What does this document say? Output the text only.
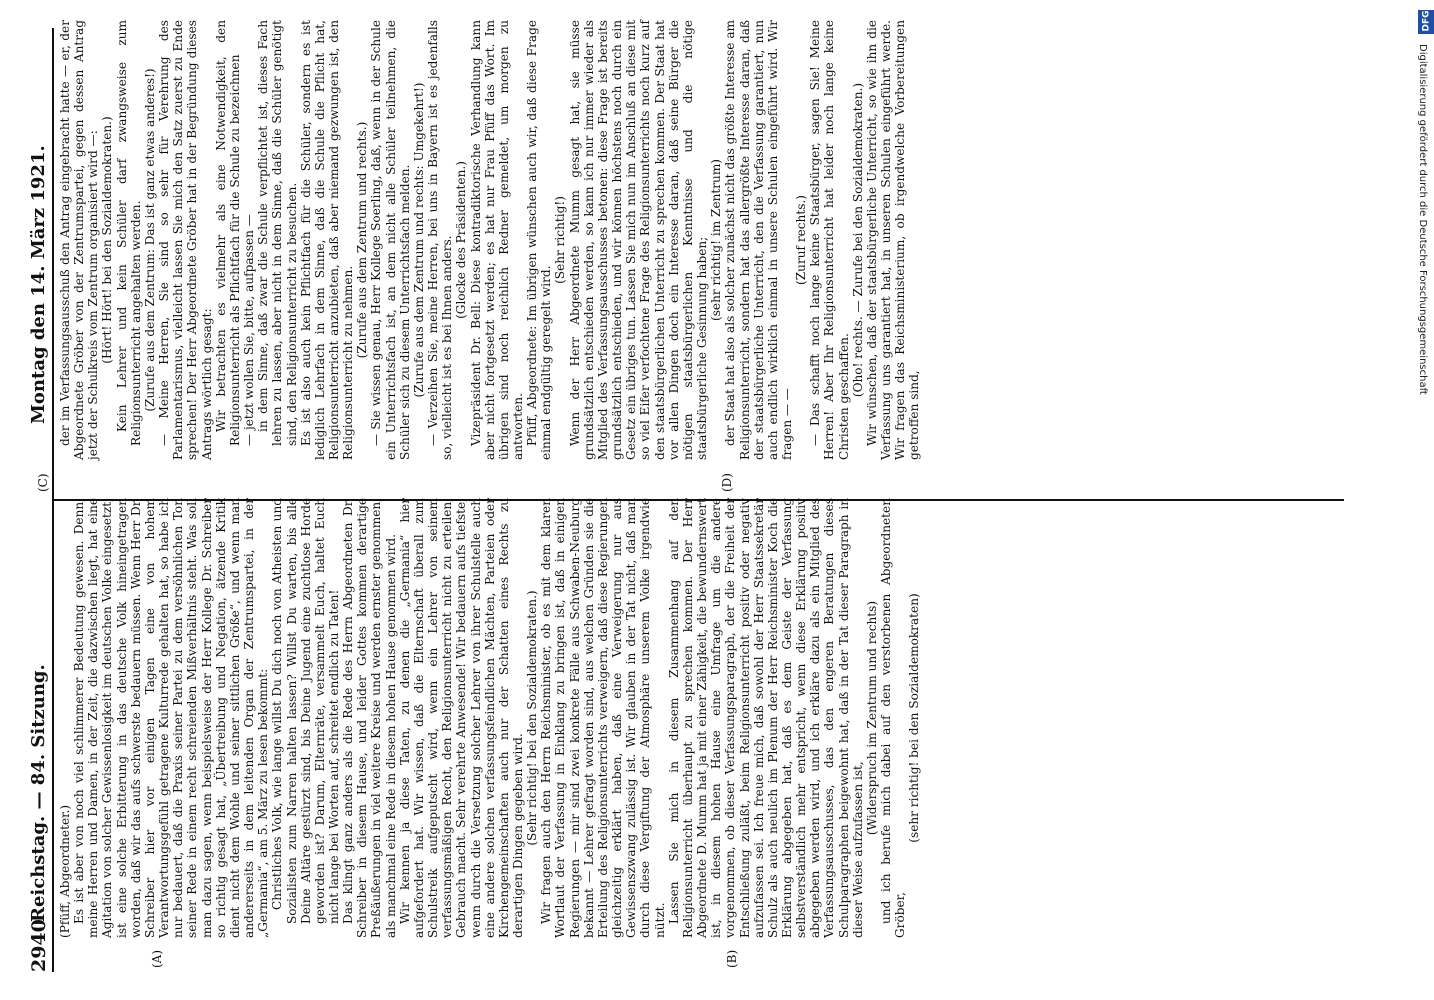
2940
Reichstag. — 84. Sitzung.
Montag den 14. März 1921.
(A)	(B)
(C)	(D)

(Pfüff, Abgeordneter.) Es ist aber von noch viel schlimmerer Bedeutung gewesen. Denn, meine Herren und Damen, in der Zeit, die dazwischen liegt, hat eine Agitation von solcher Gewissenlosigkeit im deutschen Volke eingesetzt, ist eine solche Erbitterung in das deutsche Volk hineingetragen worden, daß wir das aufs schwerste bedauern müssen. Wenn Herr Dr. Schreiber hier vor einigen Tagen eine von hohem Verantwortungsgefühl getragene Kulturrede gehalten hat, so habe ich nur bedauert, daß die Praxis seiner Partei zu dem versöhnlichen Ton seiner Rede in einem recht schreienden Mißverhältnis steht. Was soll man dazu sagen, wenn beispielsweise der Herr Kollege Dr. Schreiber so richtig gesagt hat, „Übertreibung und Negation, ätzende Kritik dient nicht dem Wohle und seiner sittlichen Größe“, und wenn man andererseits in dem leitenden Organ der Zentrumspartei, in der „Germania“, am 5. März zu lesen bekommt: Christliches Volk, wie lange willst Du dich noch von Atheisten und Sozialisten zum Narren halten lassen? Willst Du warten, bis alle Deine Altäre gestürzt sind, bis Deine Jugend eine zuchtlose Horde geworden ist? Darum, Elternräte, versammelt Euch, haltet Euch nicht lange bei Worten auf, schreitet endlich zu Taten! Das klingt ganz anders als die Rede des Herrn Abgeordneten Dr. Schreiber in diesem Hause, und leider Gottes kommen derartige Preßäußerungen in viel weitere Kreise und werden ernster genommen, als manchmal eine Rede in diesem hohen Hause genommen wird. Wir kennen ja diese Taten, zu denen die „Germania“ hier aufgefordert hat. Wir wissen, daß die Elternschaft überall zum Schulstreik aufgeputscht wird, wenn ein Lehrer von seinem verfassungsmäßigen Recht, den Religionsunterricht nicht zu erteilen, Gebrauch macht. Sehr verehrte Anwesende! Wir bedauern aufs tiefste, wenn durch die Versetzung solcher Lehrer von ihrer Schulstelle auch eine andere solchen verfassungsfeindlichen Mächten, Parteien oder Kirchengemeinschaften auch nur der Schatten eines Rechts zu derartigen Dingen gegeben wird. (Sehr richtig! bei den Sozialdemokraten.) Wir fragen auch den Herrn Reichsminister, ob es mit dem klaren Wortlaut der Verfassung in Einklang zu bringen ist, daß in einigen Regierungen — mir sind zwei konkrete Fälle aus Schwaben-Neuburg bekannt — Lehrer gefragt worden sind, aus welchen Gründen sie die Erteilung des Religionsunterrichts verweigern, daß diese Regierungen gleichzeitig erklärt haben, daß eine Verweigerung nur aus Gewissenszwang zulässig ist. Wir glauben in der Tat nicht, daß man durch diese Vergiftung der Atmosphäre unserem Volke irgendwie nützt. Lassen Sie mich in diesem Zusammenhang auf den Religionsunterricht überhaupt zu sprechen kommen. Der Herr Abgeordnete D. Mumm hat ja mit einer Zähigkeit, die bewundernswert ist, in diesem hohen Hause eine Umfrage um die andere vorgenommen, ob dieser Verfassungsparagraph, der die Freiheit der Entschließung zuläßt, beim Religionsunterricht positiv oder negativ aufzufassen sei. Ich freue mich, daß sowohl der Herr Staatssekretär Schulz als auch neulich im Plenum der Herr Reichsminister Koch die Erklärung abgegeben hat, daß es dem Geiste der Verfassung selbstverständlich mehr entspricht, wenn diese Erklärung positiv abgegeben werden wird, und ich erkläre dazu als ein Mitglied des Verfassungsausschusses, das den engeren Beratungen dieses Schulparagraphen beigewohnt hat, daß in der Tat dieser Paragraph in dieser Weise aufzufassen ist,

(Widerspruch im Zentrum und rechts) und ich berufe mich dabei auf den verstorbenen Abgeordneten Gröber,

(sehr richtig! bei den Sozialdemokraten)

der im Verfassungsausschuß den Antrag eingebracht hatte — er, der Abgeordnete Gröber von der Zentrumspartei, gegen dessen Antrag jetzt der Schulkreis vom Zentrum organisiert wird —: (Hört! Hört! bei den Sozialdemokraten.) Kein Lehrer und kein Schüler darf zwangsweise zum Religionsunterricht angehalten werden. (Zurufe aus dem Zentrum: Das ist ganz etwas anderes!) — Meine Herren, Sie sind so sehr für Verehrung des Parlamentarismus, vielleicht lassen Sie mich den Satz zuerst zu Ende sprechen! Der Herr Abgeordnete Gröber hat in der Begründung dieses Antrags wörtlich gesagt: Wir betrachten es vielmehr als eine Notwendigkeit, den Religionsunterricht als Pflichtfach für die Schule zu bezeichnen — jetzt wollen Sie, bitte, aufpassen — in dem Sinne, daß zwar die Schule verpflichtet ist, dieses Fach lehren zu lassen, aber nicht in dem Sinne, daß die Schüler genötigt sind, den Religionsunterricht zu besuchen. Es ist also auch kein Pflichtfach für die Schüler, sondern es ist lediglich Lehrfach in dem Sinne, daß die Schule die Pflicht hat, Religionsunterricht anzubieten, daß aber niemand gezwungen ist, den Religionsunterricht zu nehmen.

(Zurufe aus dem Zentrum und rechts.) — Sie wissen genau, Herr Kollege Soerling, daß, wenn in der Schule ein Unterrichtsfach ist, an dem nicht alle Schüler teilnehmen, die Schüler sich zu diesem Unterrichtsfach melden. (Zurufe aus dem Zentrum und rechts: Umgekehrt!) — Verzeihen Sie, meine Herren, bei uns in Bayern ist es jedenfalls so, vielleicht ist es bei Ihnen anders. (Glocke des Präsidenten.) Vizepräsident Dr. Bell: Diese kontradiktorische Verhandlung kann aber nicht fortgesetzt werden; es hat nur Frau Pfüff das Wort. Im übrigen sind noch reichlich Redner gemeldet, um morgen zu antworten. Pfüff, Abgeordnete: Im übrigen wünschen auch wir, daß diese Frage einmal endgültig geregelt wird.

(Sehr richtig!) Wenn der Herr Abgeordnete Mumm gesagt hat, sie müsse grundsätzlich entschieden werden, so kann ich nur immer wieder als Mitglied des Verfassungsausschusses betonen: diese Frage ist bereits grundsätzlich entschieden, und wir können höchstens noch durch ein Gesetz ein übriges tun. Lassen Sie mich nun im Anschluß an diese mit so viel Eifer verfochtene Frage des Religionsunterrichts noch kurz auf den staatsbürgerlichen Unterricht zu sprechen kommen. Der Staat hat vor allen Dingen doch ein Interesse daran, daß seine Bürger die nötigen staatsbürgerlichen Kenntnisse und die nötige staatsbürgerliche Gesinnung haben; (sehr richtig! im Zentrum) der Staat hat also als solcher zunächst nicht das größte Interesse am Religionsunterricht, sondern hat das allergrößte Interesse daran, daß der staatsbürgerliche Unterricht, den die Verfassung garantiert, nun auch endlich wirklich einmal in unsere Schulen eingeführt wird. Wir fragen — —

(Zuruf rechts.) — Das schafft noch lange keine Staatsbürger, sagen Sie! Meine Herren! Aber Ihr Religionsunterricht hat leider noch lange keine Christen geschaffen. (Oho! rechts. — Zurufe bei den Sozialdemokraten.) Wir wünschen, daß der staatsbürgerliche Unterricht, so wie ihn die Verfassung uns garantiert hat, in unseren Schulen eingeführt werde. Wir fragen das Reichsministerium, ob irgendwelche Vorbereitungen getroffen sind,

DFG
Digitalisierung gefördert durch die Deutsche Forschungsgemeinschaft
